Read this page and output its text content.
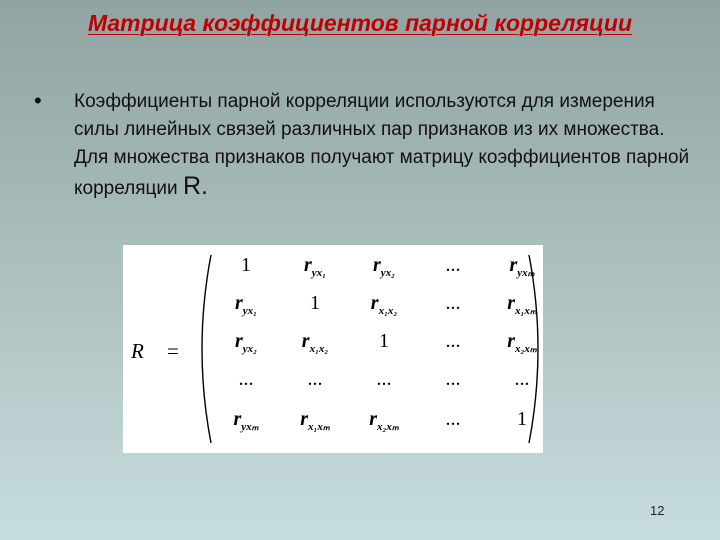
Матрица коэффициентов парной корреляции
• Коэффициенты парной корреляции используются для измерения силы линейных связей различных пар признаков из их множества. Для множества признаков получают матрицу коэффициентов парной корреляции R.
R =
1	$r_{yx_1}$	$r_{yx_2}$	...	$r_{yx_m}$
$r_{yx_1}$	1	$r_{x_1x_2}$	...	$r_{x_1x_m}$
$r_{yx_2}$	$r_{x_1x_2}$	1	...	$r_{x_2x_m}$
...	...	...	...	...
$r_{yx_m}$	$r_{x_1x_m}$	$r_{x_2x_m}$	...	1
12
